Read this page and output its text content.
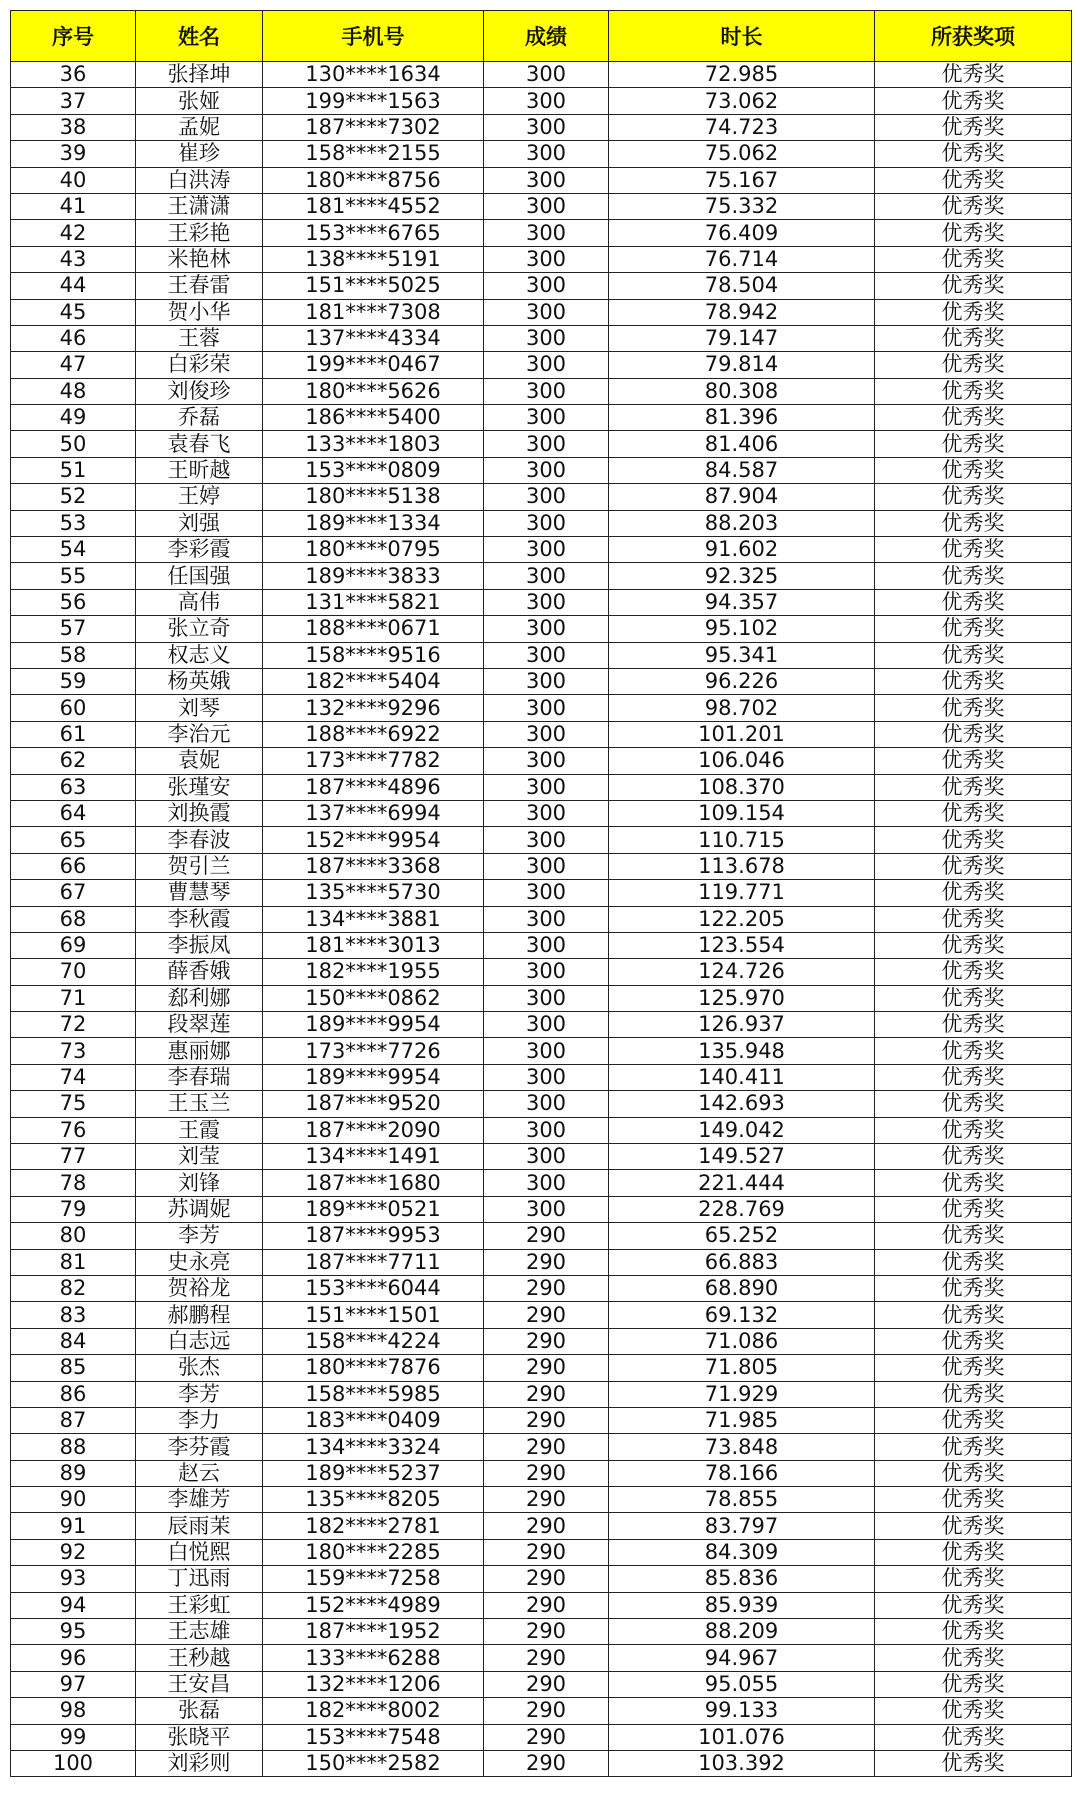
序号	姓名	手机号	成绩	时长	所获奖项
36	张择坤	130****1634	300	72.985	优秀奖
37	张娅	199****1563	300	73.062	优秀奖
38	孟妮	187****7302	300	74.723	优秀奖
39	崔珍	158****2155	300	75.062	优秀奖
40	白洪涛	180****8756	300	75.167	优秀奖
41	王潇潇	181****4552	300	75.332	优秀奖
42	王彩艳	153****6765	300	76.409	优秀奖
43	米艳林	138****5191	300	76.714	优秀奖
44	王春雷	151****5025	300	78.504	优秀奖
45	贺小华	181****7308	300	78.942	优秀奖
46	王蓉	137****4334	300	79.147	优秀奖
47	白彩荣	199****0467	300	79.814	优秀奖
48	刘俊珍	180****5626	300	80.308	优秀奖
49	乔磊	186****5400	300	81.396	优秀奖
50	袁春飞	133****1803	300	81.406	优秀奖
51	王昕越	153****0809	300	84.587	优秀奖
52	王婷	180****5138	300	87.904	优秀奖
53	刘强	189****1334	300	88.203	优秀奖
54	李彩霞	180****0795	300	91.602	优秀奖
55	任国强	189****3833	300	92.325	优秀奖
56	高伟	131****5821	300	94.357	优秀奖
57	张立奇	188****0671	300	95.102	优秀奖
58	权志义	158****9516	300	95.341	优秀奖
59	杨英娥	182****5404	300	96.226	优秀奖
60	刘琴	132****9296	300	98.702	优秀奖
61	李治元	188****6922	300	101.201	优秀奖
62	袁妮	173****7782	300	106.046	优秀奖
63	张瑾安	187****4896	300	108.370	优秀奖
64	刘换霞	137****6994	300	109.154	优秀奖
65	李春波	152****9954	300	110.715	优秀奖
66	贺引兰	187****3368	300	113.678	优秀奖
67	曹慧琴	135****5730	300	119.771	优秀奖
68	李秋霞	134****3881	300	122.205	优秀奖
69	李振凤	181****3013	300	123.554	优秀奖
70	薛香娥	182****1955	300	124.726	优秀奖
71	郄利娜	150****0862	300	125.970	优秀奖
72	段翠莲	189****9954	300	126.937	优秀奖
73	惠丽娜	173****7726	300	135.948	优秀奖
74	李春瑞	189****9954	300	140.411	优秀奖
75	王玉兰	187****9520	300	142.693	优秀奖
76	王霞	187****2090	300	149.042	优秀奖
77	刘莹	134****1491	300	149.527	优秀奖
78	刘锋	187****1680	300	221.444	优秀奖
79	苏调妮	189****0521	300	228.769	优秀奖
80	李芳	187****9953	290	65.252	优秀奖
81	史永亮	187****7711	290	66.883	优秀奖
82	贺裕龙	153****6044	290	68.890	优秀奖
83	郝鹏程	151****1501	290	69.132	优秀奖
84	白志远	158****4224	290	71.086	优秀奖
85	张杰	180****7876	290	71.805	优秀奖
86	李芳	158****5985	290	71.929	优秀奖
87	李力	183****0409	290	71.985	优秀奖
88	李芬霞	134****3324	290	73.848	优秀奖
89	赵云	189****5237	290	78.166	优秀奖
90	李雄芳	135****8205	290	78.855	优秀奖
91	辰雨茉	182****2781	290	83.797	优秀奖
92	白悦熙	180****2285	290	84.309	优秀奖
93	丁迅雨	159****7258	290	85.836	优秀奖
94	王彩虹	152****4989	290	85.939	优秀奖
95	王志雄	187****1952	290	88.209	优秀奖
96	王秒越	133****6288	290	94.967	优秀奖
97	王安昌	132****1206	290	95.055	优秀奖
98	张磊	182****8002	290	99.133	优秀奖
99	张晓平	153****7548	290	101.076	优秀奖
100	刘彩则	150****2582	290	103.392	优秀奖
